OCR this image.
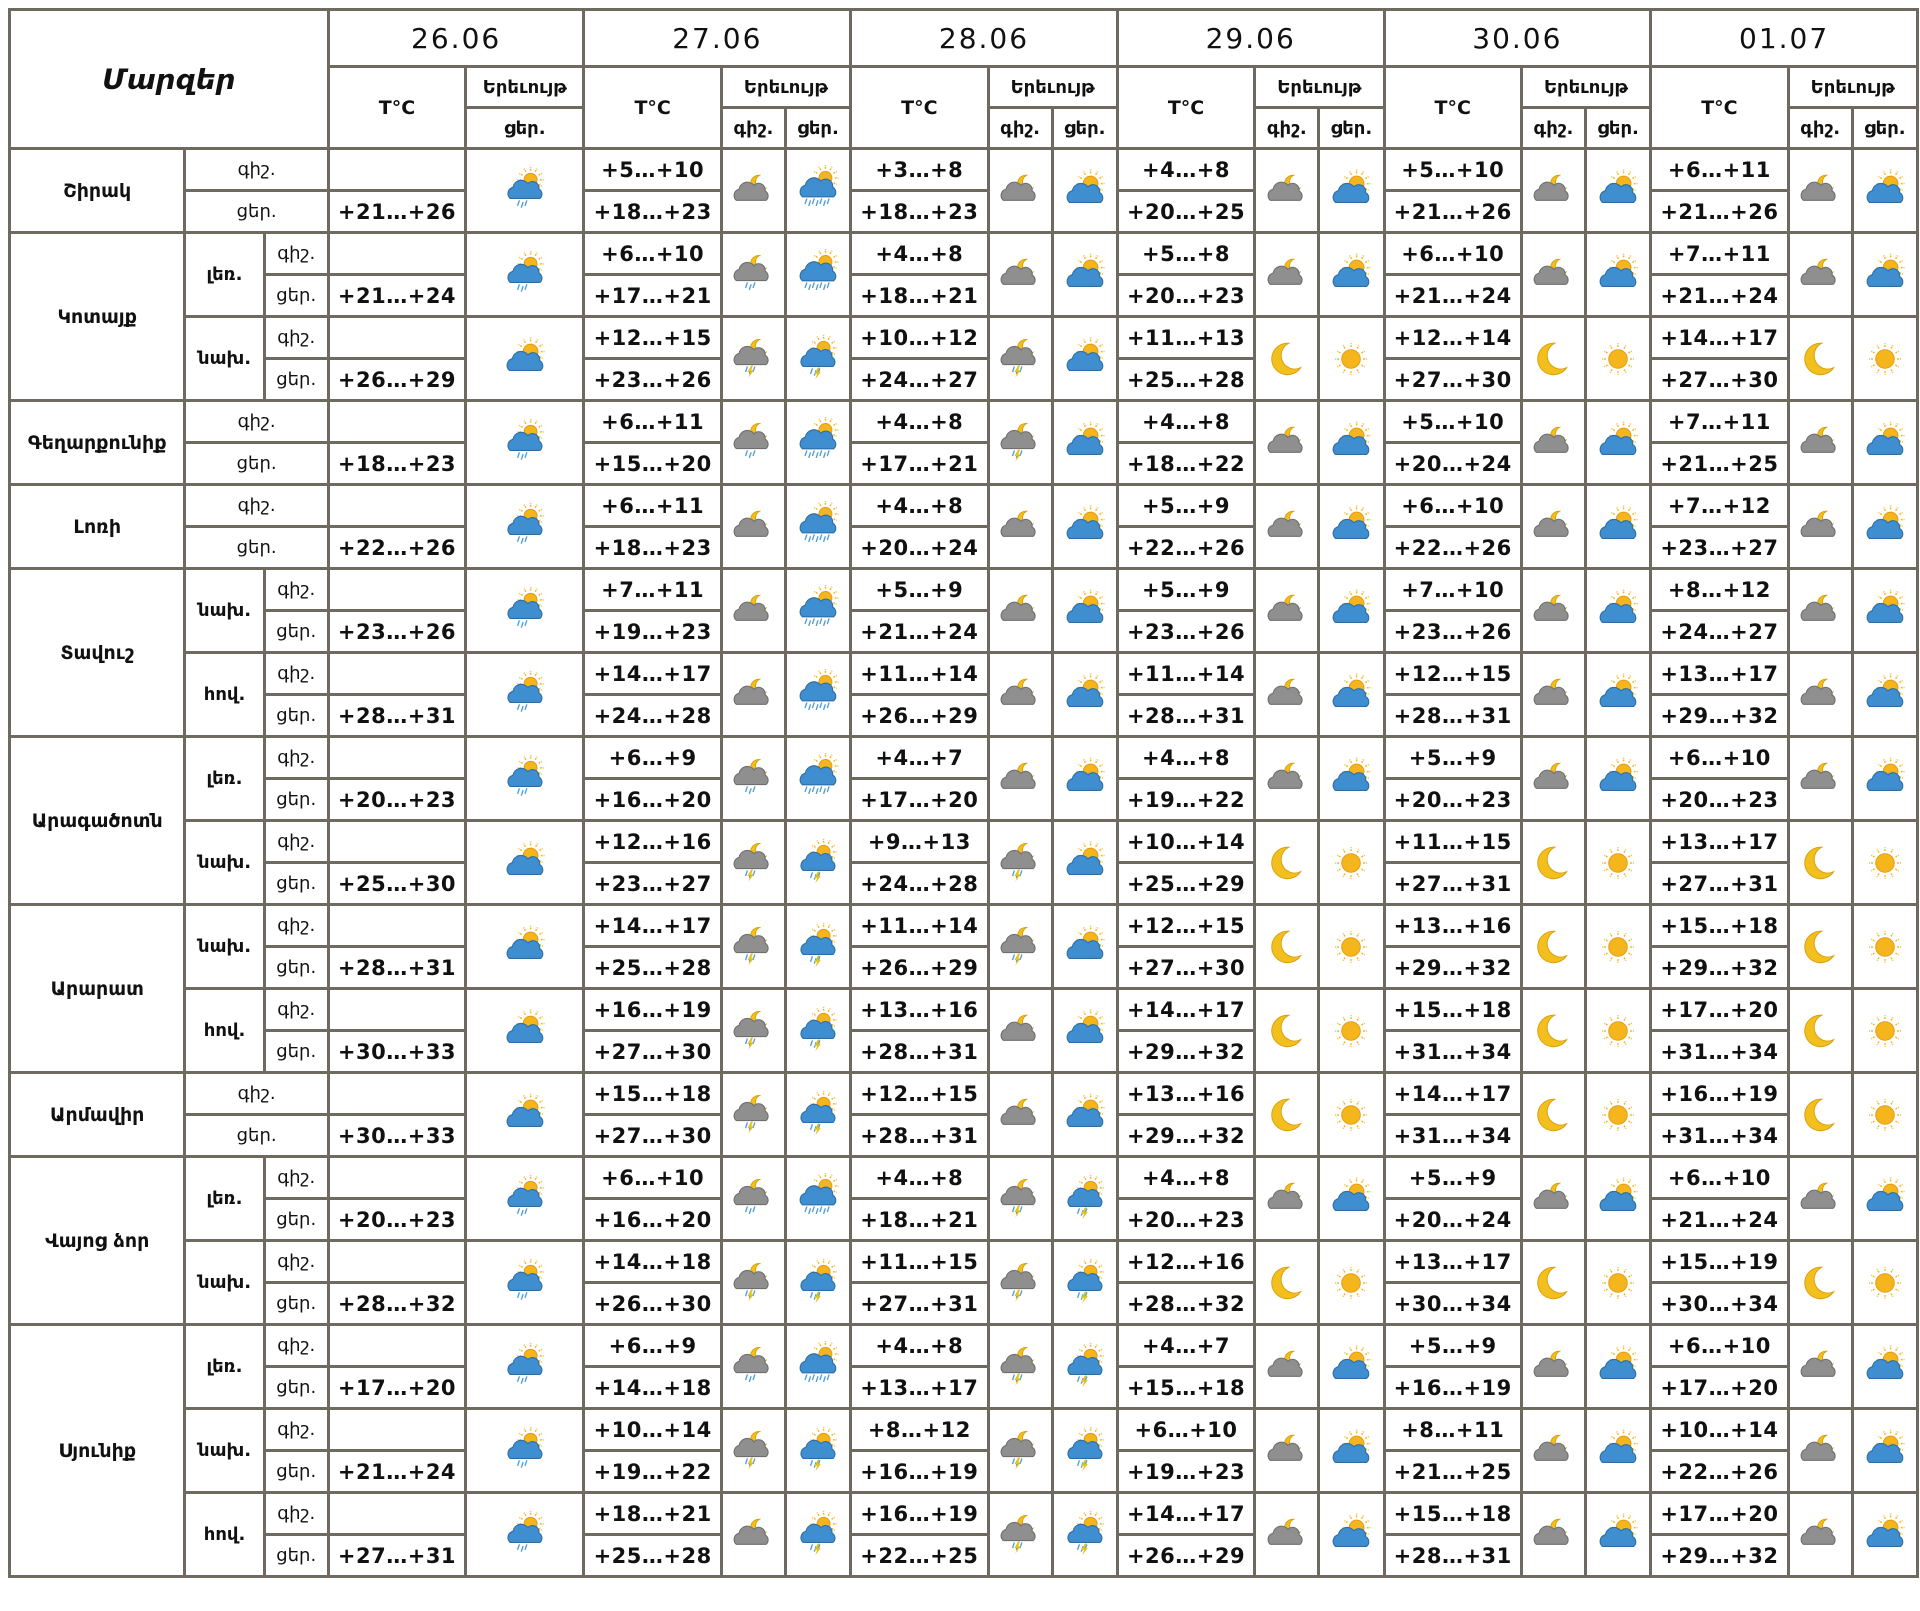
Մարզեր			26.06		27.06			28.06			29.06			30.06			01.07		
			T°C	Երեւույթ	T°C	Երեւույթ		T°C	Երեւույթ		T°C	Երեւույթ		T°C	Երեւույթ		T°C	Երեւույթ	
				ցեր.		գիշ.	ցեր.		գիշ.	ցեր.		գիշ.	ցեր.		գիշ.	ցեր.		գիշ.	ցեր.
Շիրակ	գիշ.				+5…+10			+3…+8			+4…+8			+5…+10			+6…+11	

	ցեր.		+21…+26		+18…+23			+18…+23			+20…+25			+21…+26			+21…+26		
Կոտայք	լեռ.	գիշ.			+6…+10			+4…+8			+5…+8			+6…+10			+7…+11	

		ցեր.	+21…+24		+17…+21			+18…+21			+20…+23			+21…+24			+21…+24		
	նախ.	գիշ.			+12…+15			+10…+12			+11…+13			+12…+14			+14…+17	

		ցեր.	+26…+29		+23…+26			+24…+27			+25…+28			+27…+30			+27…+30		
Գեղարքունիք	գիշ.				+6…+11			+4…+8			+4…+8			+5…+10			+7…+11	

	ցեր.		+18…+23		+15…+20			+17…+21			+18…+22			+20…+24			+21…+25		
Լոռի	գիշ.				+6…+11			+4…+8			+5…+9			+6…+10			+7…+12	

	ցեր.		+22…+26		+18…+23			+20…+24			+22…+26			+22…+26			+23…+27		
Տավուշ	նախ.	գիշ.			+7…+11			+5…+9			+5…+9			+7…+10			+8…+12	

		ցեր.	+23…+26		+19…+23			+21…+24			+23…+26			+23…+26			+24…+27		
	հով.	գիշ.			+14…+17			+11…+14			+11…+14			+12…+15			+13…+17	

		ցեր.	+28…+31		+24…+28			+26…+29			+28…+31			+28…+31			+29…+32		
Արագածոտն	լեռ.	գիշ.			+6…+9			+4…+7			+4…+8			+5…+9			+6…+10	

		ցեր.	+20…+23		+16…+20			+17…+20			+19…+22			+20…+23			+20…+23		
	նախ.	գիշ.			+12…+16			+9…+13			+10…+14			+11…+15			+13…+17	

		ցեր.	+25…+30		+23…+27			+24…+28			+25…+29			+27…+31			+27…+31		
Արարատ	նախ.	գիշ.			+14…+17			+11…+14			+12…+15			+13…+16			+15…+18	

		ցեր.	+28…+31		+25…+28			+26…+29			+27…+30			+29…+32			+29…+32		
	հով.	գիշ.			+16…+19			+13…+16			+14…+17			+15…+18			+17…+20	

		ցեր.	+30…+33		+27…+30			+28…+31			+29…+32			+31…+34			+31…+34		
Արմավիր	գիշ.				+15…+18			+12…+15			+13…+16			+14…+17			+16…+19	

	ցեր.		+30…+33		+27…+30			+28…+31			+29…+32			+31…+34			+31…+34		
Վայոց ձոր	լեռ.	գիշ.			+6…+10			+4…+8			+4…+8			+5…+9			+6…+10	

		ցեր.	+20…+23		+16…+20			+18…+21			+20…+23			+20…+24			+21…+24		
	նախ.	գիշ.			+14…+18			+11…+15			+12…+16			+13…+17			+15…+19	

		ցեր.	+28…+32		+26…+30			+27…+31			+28…+32			+30…+34			+30…+34		
Սյունիք	լեռ.	գիշ.			+6…+9			+4…+8			+4…+7			+5…+9			+6…+10	

		ցեր.	+17…+20		+14…+18			+13…+17			+15…+18			+16…+19			+17…+20		
	նախ.	գիշ.			+10…+14			+8…+12			+6…+10			+8…+11			+10…+14	

		ցեր.	+21…+24		+19…+22			+16…+19			+19…+23			+21…+25			+22…+26		
	հով.	գիշ.			+18…+21			+16…+19			+14…+17			+15…+18			+17…+20	

		ցեր.	+27…+31		+25…+28			+22…+25			+26…+29			+28…+31			+29…+32		
